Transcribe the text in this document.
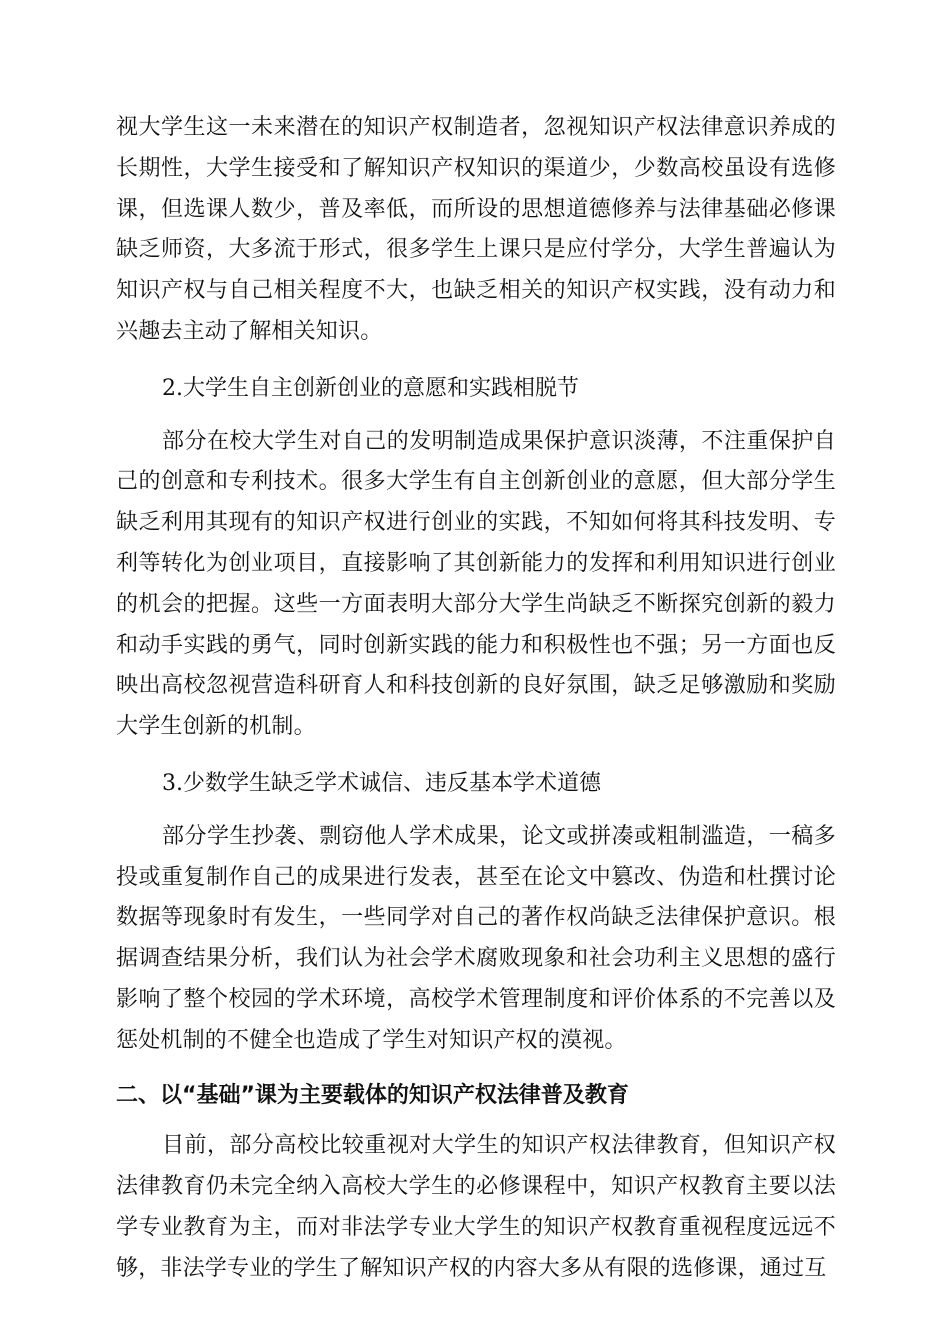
视大学生这一未来潜在的知识产权制造者，忽视知识产权法律意识养成的长期性，大学生接受和了解知识产权知识的渠道少，少数高校虽设有选修课，但选课人数少，普及率低，而所设的思想道德修养与法律基础必修课缺乏师资，大多流于形式，很多学生上课只是应付学分，大学生普遍认为知识产权与自己相关程度不大，也缺乏相关的知识产权实践，没有动力和兴趣去主动了解相关知识。

2.大学生自主创新创业的意愿和实践相脱节

部分在校大学生对自己的发明制造成果保护意识淡薄，不注重保护自己的创意和专利技术。很多大学生有自主创新创业的意愿，但大部分学生缺乏利用其现有的知识产权进行创业的实践，不知如何将其科技发明、专利等转化为创业项目，直接影响了其创新能力的发挥和利用知识进行创业的机会的把握。这些一方面表明大部分大学生尚缺乏不断探究创新的毅力和动手实践的勇气，同时创新实践的能力和积极性也不强；另一方面也反映出高校忽视营造科研育人和科技创新的良好氛围，缺乏足够激励和奖励大学生创新的机制。

3.少数学生缺乏学术诚信、违反基本学术道德

部分学生抄袭、剽窃他人学术成果，论文或拼凑或粗制滥造，一稿多投或重复制作自己的成果进行发表，甚至在论文中篡改、伪造和杜撰讨论数据等现象时有发生，一些同学对自己的著作权尚缺乏法律保护意识。根据调查结果分析，我们认为社会学术腐败现象和社会功利主义思想的盛行影响了整个校园的学术环境，高校学术管理制度和评价体系的不完善以及惩处机制的不健全也造成了学生对知识产权的漠视。

二、以“基础”课为主要载体的知识产权法律普及教育

目前，部分高校比较重视对大学生的知识产权法律教育，但知识产权法律教育仍未完全纳入高校大学生的必修课程中，知识产权教育主要以法学专业教育为主，而对非法学专业大学生的知识产权教育重视程度远远不够，非法学专业的学生了解知识产权的内容大多从有限的选修课，通过互
